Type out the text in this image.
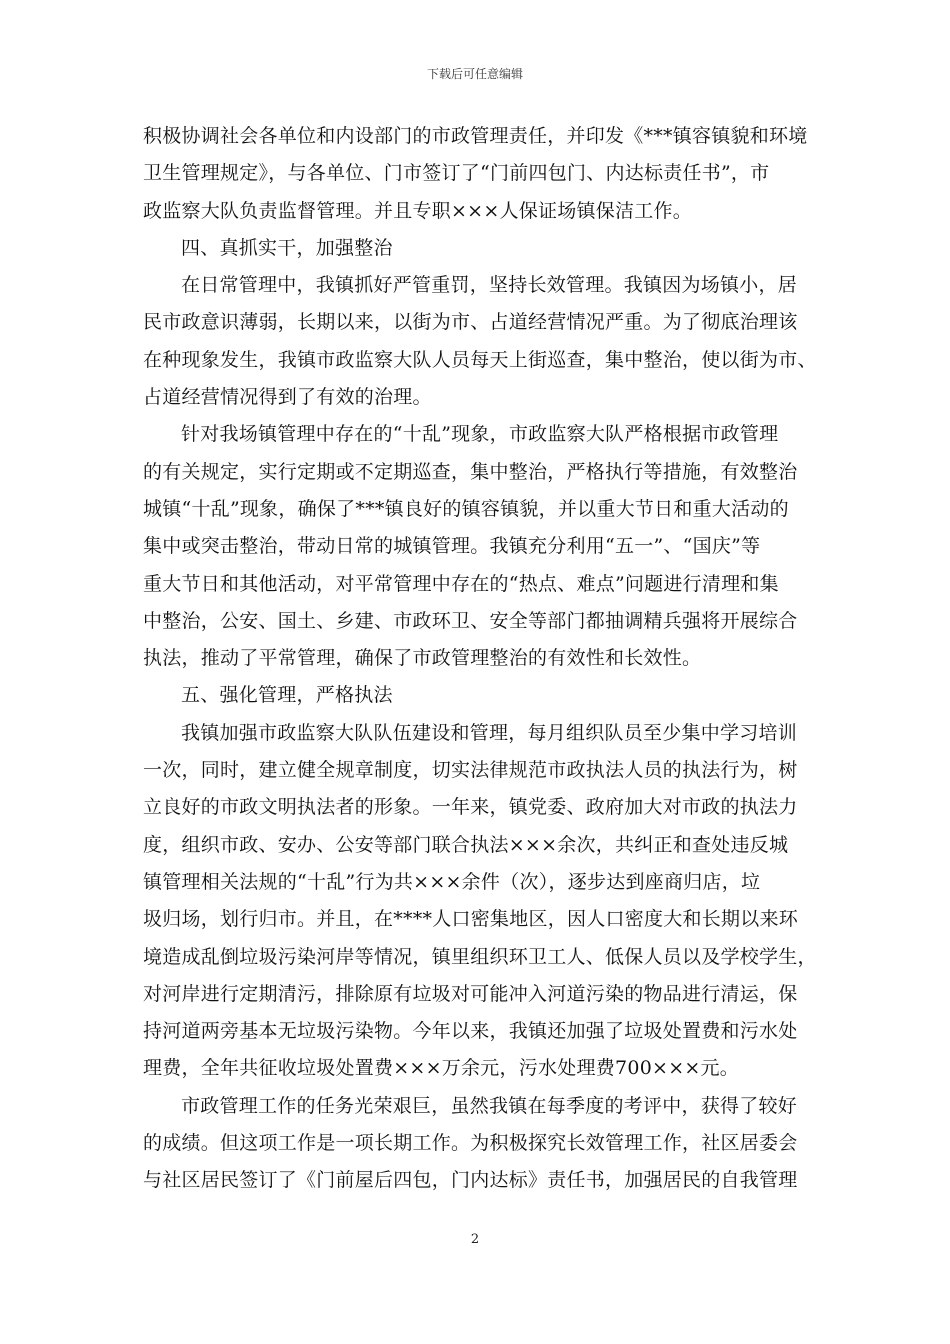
下载后可任意编辑
积极协调社会各单位和内设部门的市政管理责任，并印发《***镇容镇貌和环境
卫生管理规定》，与各单位、门市签订了“门前四包门、内达标责任书”，市
政监察大队负责监督管理。并且专职×××人保证场镇保洁工作。
四、真抓实干，加强整治
在日常管理中，我镇抓好严管重罚，坚持长效管理。我镇因为场镇小，居
民市政意识薄弱，长期以来，以街为市、占道经营情况严重。为了彻底治理该
在种现象发生，我镇市政监察大队人员每天上街巡查，集中整治，使以街为市、
占道经营情况得到了有效的治理。
针对我场镇管理中存在的“十乱”现象，市政监察大队严格根据市政管理
的有关规定，实行定期或不定期巡查，集中整治，严格执行等措施，有效整治
城镇“十乱”现象，确保了***镇良好的镇容镇貌，并以重大节日和重大活动的
集中或突击整治，带动日常的城镇管理。我镇充分利用“五一”、“国庆”等
重大节日和其他活动，对平常管理中存在的“热点、难点”问题进行清理和集
中整治，公安、国土、乡建、市政环卫、安全等部门都抽调精兵强将开展综合
执法，推动了平常管理，确保了市政管理整治的有效性和长效性。
五、强化管理，严格执法
我镇加强市政监察大队队伍建设和管理，每月组织队员至少集中学习培训
一次，同时，建立健全规章制度，切实法律规范市政执法人员的执法行为，树
立良好的市政文明执法者的形象。一年来，镇党委、政府加大对市政的执法力
度，组织市政、安办、公安等部门联合执法×××余次，共纠正和查处违反城
镇管理相关法规的“十乱”行为共×××余件（次），逐步达到座商归店，垃
圾归场，划行归市。并且，在****人口密集地区，因人口密度大和长期以来环
境造成乱倒垃圾污染河岸等情况，镇里组织环卫工人、低保人员以及学校学生，
对河岸进行定期清污，排除原有垃圾对可能冲入河道污染的物品进行清运，保
持河道两旁基本无垃圾污染物。今年以来，我镇还加强了垃圾处置费和污水处
理费，全年共征收垃圾处置费×××万余元，污水处理费700×××元。
市政管理工作的任务光荣艰巨，虽然我镇在每季度的考评中，获得了较好
的成绩。但这项工作是一项长期工作。为积极探究长效管理工作，社区居委会
与社区居民签订了《门前屋后四包，门内达标》责任书，加强居民的自我管理
2
